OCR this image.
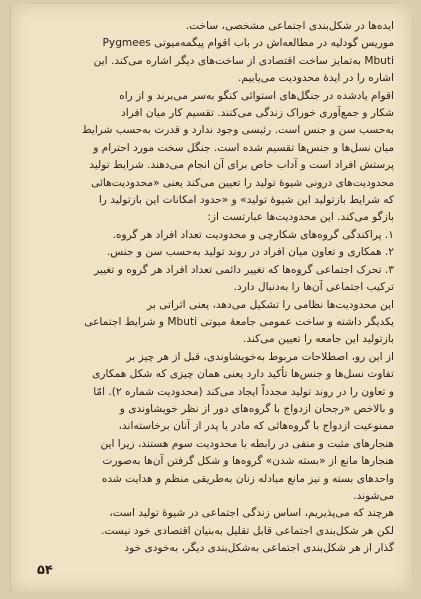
ایده‌ها در شکل‌بندی اجتماعی مشخصی، ساخت.
موریس گودلیه در مطالعه‌اش در باب اقوام پیگمه‌میوتی Pygmees
Mbuti به‌تمایز ساخت اقتصادی از ساخت‌های دیگر اشاره می‌کند. این
اشاره را در ایدهٔ محدودیت می‌یابیم.
اقوام یادشده در جنگل‌های استوائی کنگو به‌سر می‌برند و از راه
شکار و جمع‌آوری خوراک زندگی می‌کنند. تقسیم کار میان افراد
به‌حسب سن و جنس است. رئیسی وجود ندارد و قدرت به‌حسب شرایط
میان نسل‌ها و جنس‌ها تقسیم شده است. جنگل سخت مورد احترام و
پرستش افراد است و آداب خاص برای آن انجام می‌دهند. شرایط تولید
محدودیت‌های درونی شیوهٔ تولید را تعیین می‌کند یعنی «محدودیت‌هائی
که شرایط بازتولید این شیوهٔ تولید» و «حدود امکانات این بازتولید را
بازگو می‌کند. این محدودیت‌ها عبارتست از:
۱. پراکندگی گروه‌های شکارچی و محدودیت تعداد افراد هر گروه.
۲. همکاری و تعاون میان افراد در روند تولید به‌حسب سن و جنس.
۳. تحرک اجتماعی گروه‌ها که تغییر دائمی تعداد افراد هر گروه و تغییر
ترکیب اجتماعی آن‌ها را به‌دنبال دارد.
این محدودیت‌ها نظامی را تشکیل می‌دهد، یعنی اثراتی بر
یکدیگر داشته و ساخت عمومی جامعهٔ میوتی Mbuti و شرایط اجتماعی
بازتولید این جامعه را تعیین می‌کند.
از این رو، اصطلاحات مربوط به‌خویشاوندی، قبل از هر چیز بر
تفاوت نسل‌ها و جنس‌ها تأکید دارد یعنی همان چیزی که شکل همکاری
و تعاون را در روند تولید مجدداً ایجاد می‌کند (محدودیت شماره ۲). امّا
و بالاخص «رجحان ازدواج با گروه‌های دور از نظر خویشاوندی و
ممنوعیت ازدواج با گروه‌هائی که مادر یا پدر از آنان برخاسته‌اند،
هنجارهای مثبت و منفی در رابطه با محدودیت سوم هستند، زیرا این
هنجارها مانع از «بسته شدن» گروه‌ها و شکل گرفتن آن‌ها به‌صورت
واحدهای بسته و نیز مانع مبادله زنان به‌طریقی منظم و هدایت شده
می‌شوند.
هرچند که می‌پذیریم، اساس زندگی اجتماعی در شیوهٔ تولید است،
لکن هر شکل‌بندی اجتماعی قابل تقلیل به‌بنیان اقتصادی خود نیست.
گذار از هر شکل‌بندی اجتماعی به‌شکل‌بندی دیگر، به‌خودی خود
۵۴
